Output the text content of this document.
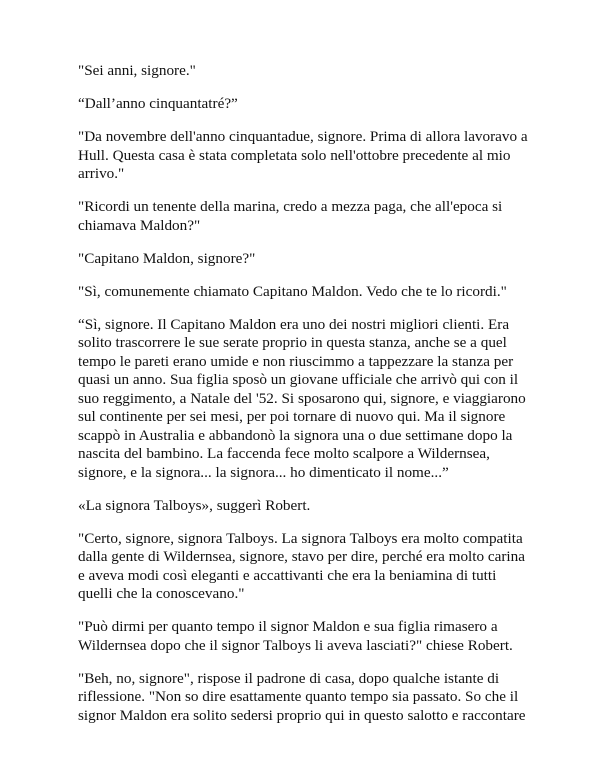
"Sei anni, signore."

“Dall’anno cinquantatré?”

"Da novembre dell'anno cinquantadue, signore. Prima di allora lavoravo a Hull. Questa casa è stata completata solo nell'ottobre precedente al mio arrivo."

"Ricordi un tenente della marina, credo a mezza paga, che all'epoca si chiamava Maldon?"

"Capitano Maldon, signore?"

"Sì, comunemente chiamato Capitano Maldon. Vedo che te lo ricordi."

“Sì, signore. Il Capitano Maldon era uno dei nostri migliori clienti. Era solito trascorrere le sue serate proprio in questa stanza, anche se a quel tempo le pareti erano umide e non riuscimmo a tappezzare la stanza per quasi un anno. Sua figlia sposò un giovane ufficiale che arrivò qui con il suo reggimento, a Natale del '52. Si sposarono qui, signore, e viaggiarono sul continente per sei mesi, per poi tornare di nuovo qui. Ma il signore scappò in Australia e abbandonò la signora una o due settimane dopo la nascita del bambino. La faccenda fece molto scalpore a Wildernsea, signore, e la signora... la signora... ho dimenticato il nome...”

«La signora Talboys», suggerì Robert.

"Certo, signore, signora Talboys. La signora Talboys era molto compatita dalla gente di Wildernsea, signore, stavo per dire, perché era molto carina e aveva modi così eleganti e accattivanti che era la beniamina di tutti quelli che la conoscevano."

"Può dirmi per quanto tempo il signor Maldon e sua figlia rimasero a Wildernsea dopo che il signor Talboys li aveva lasciati?" chiese Robert.

"Beh, no, signore", rispose il padrone di casa, dopo qualche istante di riflessione. "Non so dire esattamente quanto tempo sia passato. So che il signor Maldon era solito sedersi proprio qui in questo salotto e raccontare
